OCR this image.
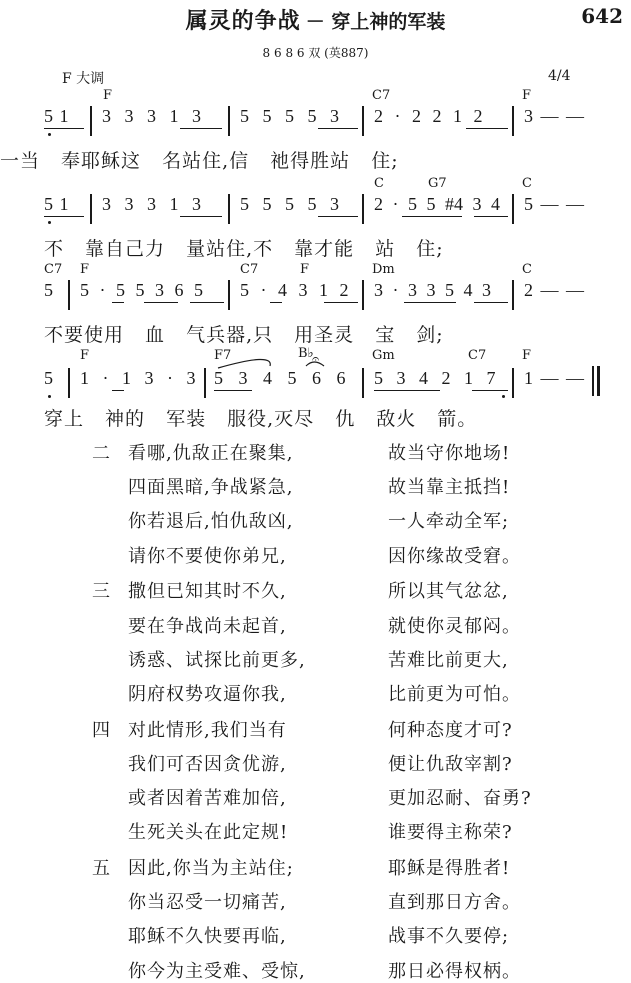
属灵的争战 － 穿上神的军装	642
8 6 8 6 双 (英887)
F 大调	4/4
F	C7	F
5 1 3 3 3 1 3 5 5 5 5 3 2 · 2 2 1 2 3 — —
一当 奉耶稣这 名站住,信 祂得胜站 住;
C	G7	C
5 1 3 3 3 1 3 5 5 5 5 3 2 · 5 5 #4 3 4 5 — —
不 靠自己力 量站住,不 靠才能 站 住;
C7 F	C7	F	Dm	C
5 5 · 5 5 3 6 5 5 · 4 3 1 2 3 · 3 3 5 4 3 2 — —
不要使用 血 气兵器,只 用圣灵 宝 剑;
F	F7	B♭	Gm	C7	F
𝄐
5 1 · 1 3 · 3 5 3 4 5 6 6 5 3 4 2 1 7 1 — —
穿上 神的 军装 服役,灭尽 仇 敌火 箭。
二 看哪,仇敌正在聚集,	故当守你地场!
四面黑暗,争战紧急,	故当靠主抵挡!
你若退后,怕仇敌凶,	一人牵动全军;
请你不要使你弟兄,	因你缘故受窘。
三 撒但已知其时不久,	所以其气忿忿,
要在争战尚未起首,	就使你灵郁闷。
诱惑、试探比前更多,	苦难比前更大,
阴府权势攻逼你我,	比前更为可怕。
四 对此情形,我们当有	何种态度才可?
我们可否因贪优游,	便让仇敌宰割?
或者因着苦难加倍,	更加忍耐、奋勇?
生死关头在此定规!	谁要得主称荣?
五 因此,你当为主站住;	耶稣是得胜者!
你当忍受一切痛苦,	直到那日方舍。
耶稣不久快要再临,	战事不久要停;
你今为主受难、受惊,	那日必得权柄。
